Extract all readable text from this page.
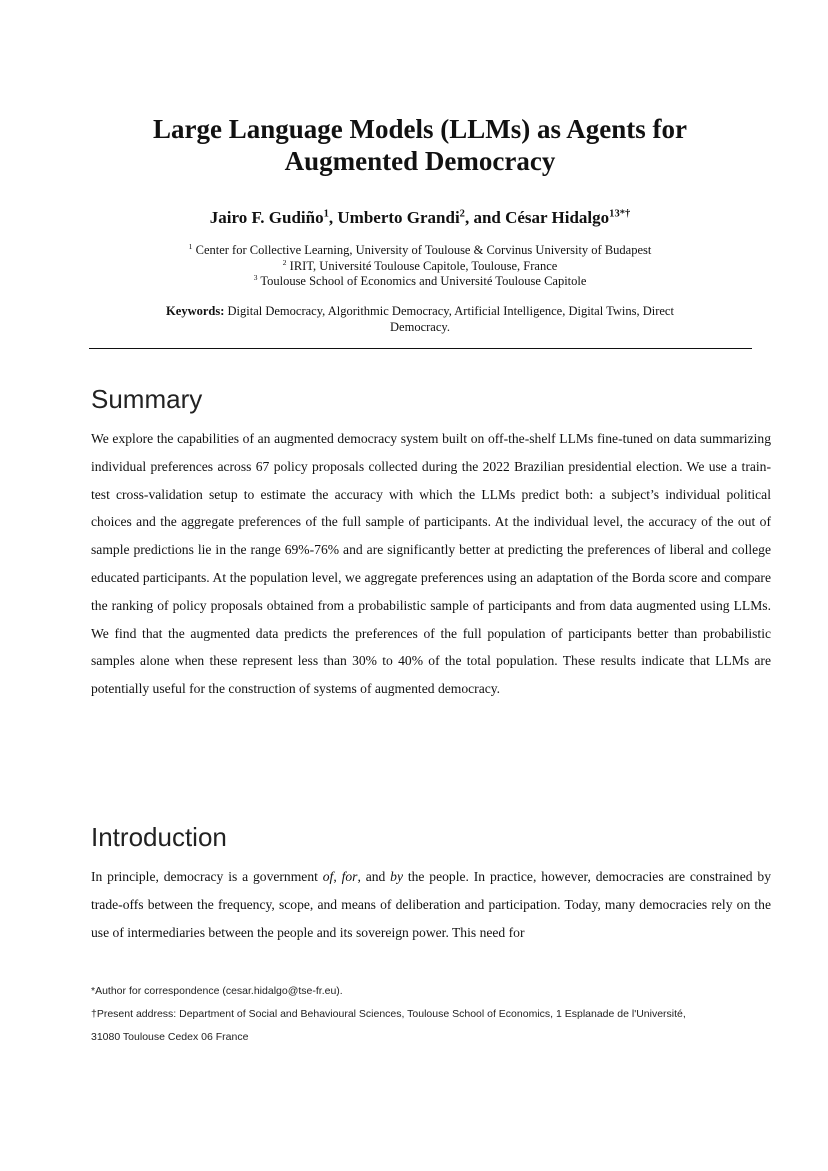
Large Language Models (LLMs) as Agents for
Augmented Democracy
Jairo F. Gudiño$^1$, Umberto Grandi$^2$, and César Hidalgo$^{13*\dagger}$
$^1$ Center for Collective Learning, University of Toulouse & Corvinus University of Budapest
$^2$ IRIT, Université Toulouse Capitole, Toulouse, France
$^3$ Toulouse School of Economics and Université Toulouse Capitole
Keywords: Digital Democracy, Algorithmic Democracy, Artificial Intelligence, Digital Twins, Direct Democracy.
Summary

We explore the capabilities of an augmented democracy system built on off-the-shelf LLMs fine-tuned on data summarizing individual preferences across 67 policy proposals collected during the 2022 Brazilian presidential election. We use a train-test cross-validation setup to estimate the accuracy with which the LLMs predict both: a subject’s individual political choices and the aggregate preferences of the full sample of participants. At the individual level, the accuracy of the out of sample predictions lie in the range 69%-76% and are significantly better at predicting the preferences of liberal and college educated participants. At the population level, we aggregate preferences using an adaptation of the Borda score and compare the ranking of policy proposals obtained from a probabilistic sample of participants and from data augmented using LLMs. We find that the augmented data predicts the preferences of the full population of participants better than probabilistic samples alone when these represent less than 30% to 40% of the total population. These results indicate that LLMs are potentially useful for the construction of systems of augmented democracy.

Introduction

In principle, democracy is a government of, for, and by the people. In practice, however, democracies are constrained by trade-offs between the frequency, scope, and means of deliberation and participation. Today, many democracies rely on the use of intermediaries between the people and its sovereign power. This need for

*Author for correspondence (cesar.hidalgo@tse-fr.eu).
†Present address: Department of Social and Behavioural Sciences, Toulouse School of Economics, 1 Esplanade de l'Université,
31080 Toulouse Cedex 06 France
